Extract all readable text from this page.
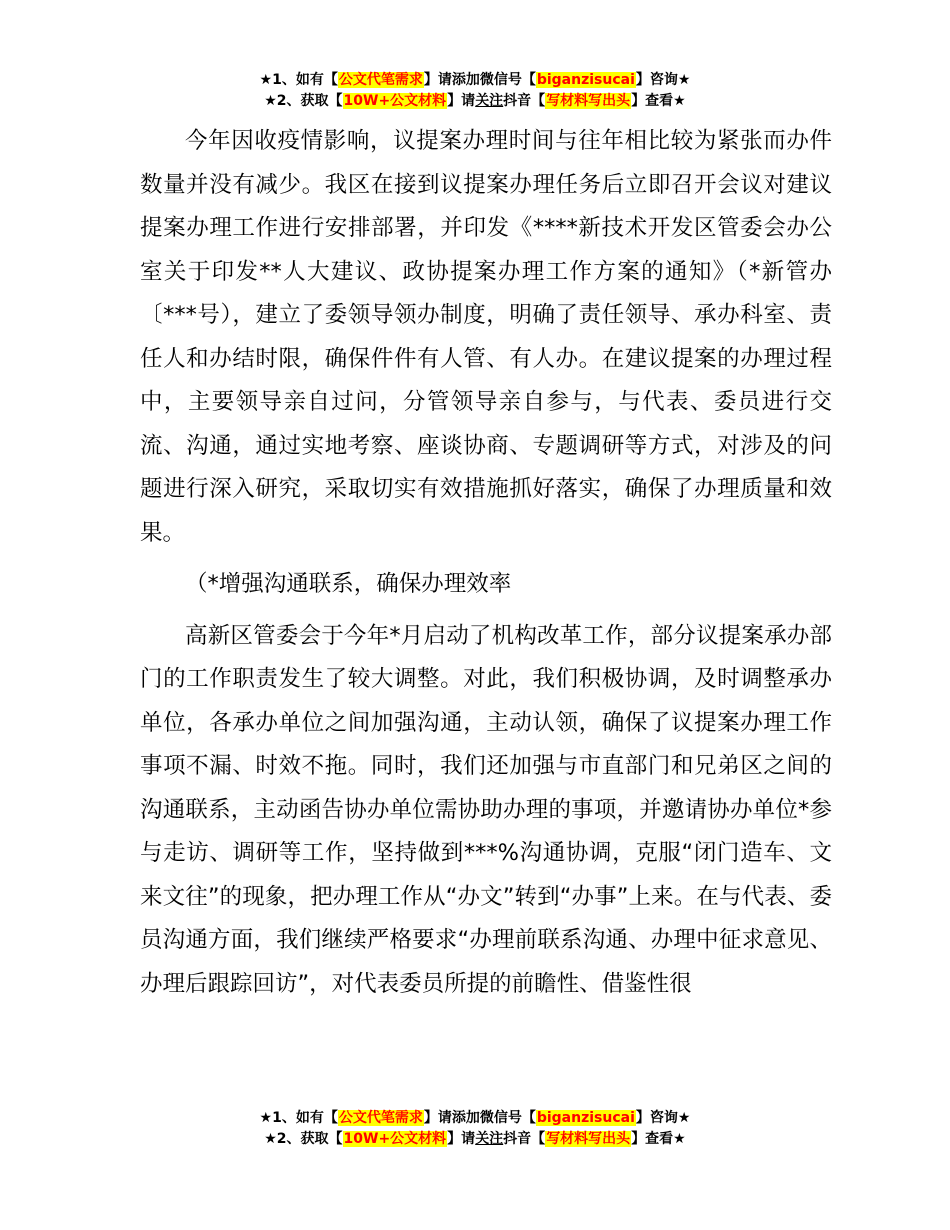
★1、如有【公文代笔需求】请添加微信号【biganzisucai】咨询★
★2、获取【10W+公文材料】请关注抖音【写材料写出头】查看★

今年因收疫情影响，议提案办理时间与往年相比较为紧张而办件数量并没有减少。我区在接到议提案办理任务后立即召开会议对建议提案办理工作进行安排部署，并印发《****新技术开发区管委会办公室关于印发**人大建议、政协提案办理工作方案的通知》（*新管办〔***号），建立了委领导领办制度，明确了责任领导、承办科室、责任人和办结时限，确保件件有人管、有人办。在建议提案的办理过程中，主要领导亲自过问，分管领导亲自参与，与代表、委员进行交流、沟通，通过实地考察、座谈协商、专题调研等方式，对涉及的问题进行深入研究，采取切实有效措施抓好落实，确保了办理质量和效果。

（*增强沟通联系，确保办理效率

高新区管委会于今年*月启动了机构改革工作，部分议提案承办部门的工作职责发生了较大调整。对此，我们积极协调，及时调整承办单位，各承办单位之间加强沟通，主动认领，确保了议提案办理工作事项不漏、时效不拖。同时，我们还加强与市直部门和兄弟区之间的沟通联系，主动函告协办单位需协助办理的事项，并邀请协办单位*参与走访、调研等工作，坚持做到***%沟通协调，克服“闭门造车、文来文往”的现象，把办理工作从“办文”转到“办事”上来。在与代表、委员沟通方面，我们继续严格要求“办理前联系沟通、办理中征求意见、办理后跟踪回访”，对代表委员所提的前瞻性、借鉴性很

★1、如有【公文代笔需求】请添加微信号【biganzisucai】咨询★
★2、获取【10W+公文材料】请关注抖音【写材料写出头】查看★
